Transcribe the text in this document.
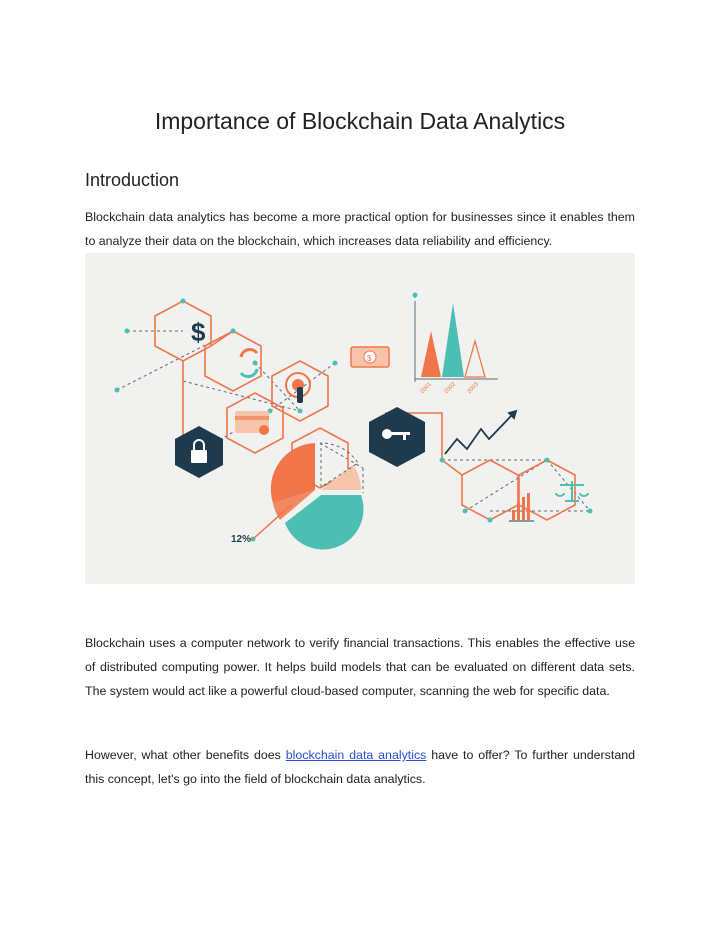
Importance of Blockchain Data Analytics
Introduction
Blockchain data analytics has become a more practical option for businesses since it enables them to analyze their data on the blockchain, which increases data reliability and efficiency.
$
$
2001 2002 2003
12%
Blockchain uses a computer network to verify financial transactions. This enables the effective use of distributed computing power. It helps build models that can be evaluated on different data sets. The system would act like a powerful cloud-based computer, scanning the web for specific data.
However, what other benefits does blockchain data analytics have to offer? To further understand this concept, let's go into the field of blockchain data analytics.
